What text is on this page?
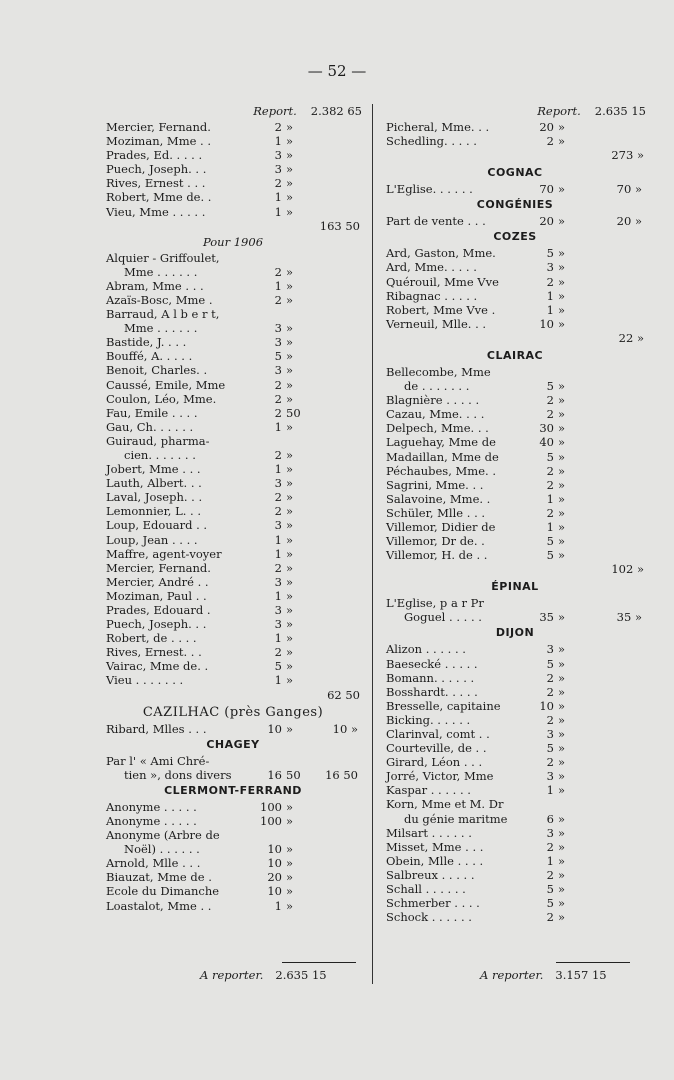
— 52 —
Report. 2.382 65
Mercier, Fernand.	2 »
Moziman, Mme . .	1 »
Prades, Ed. . . . .	3 »
Puech, Joseph. . .	3 »
Rives, Ernest . . .	2 »
Robert, Mme de. .	1 »
Vieu, Mme . . . . .	1 »
163 50
Pour 1906
Alquier - Griffoulet,
Mme . . . . . .	2 »
Abram, Mme . . .	1 »
Azaïs-Bosc, Mme .	2 »
Barraud, A l b e r t,
Mme . . . . . .	3 »
Bastide, J. . . .	3 »
Bouffé, A. . . . .	5 »
Benoit, Charles. .	3 »
Caussé, Emile, Mme	2 »
Coulon, Léo, Mme.	2 »
Fau, Emile . . . .	2 50
Gau, Ch. . . . . .	1 »
Guiraud, pharma-
cien. . . . . . .	2 »
Jobert, Mme . . .	1 »
Lauth, Albert. . .	3 »
Laval, Joseph. . .	2 »
Lemonnier, L. . .	2 »
Loup, Edouard . .	3 »
Loup, Jean . . . .	1 »
Maffre, agent-voyer	1 »
Mercier, Fernand.	2 »
Mercier, André . .	3 »
Moziman, Paul . .	1 »
Prades, Edouard .	3 »
Puech, Joseph. . .	3 »
Robert, de . . . .	1 »
Rives, Ernest. . .	2 »
Vairac, Mme de. .	5 »
Vieu . . . . . . .	1 »
62 50
CAZILHAC (près Ganges)
Ribard, Mlles . . .	10 »	10 »
CHAGEY
Par l' « Ami Chré-
tien », dons divers	16 50 16 50
CLERMONT-FERRAND
Anonyme . . . . .	100 »
Anonyme . . . . .	100 »
Anonyme (Arbre de
Noël) . . . . . .	10 »
Arnold, Mlle . . .	10 »
Biauzat, Mme de .	20 »
Ecole du Dimanche	10 »
Loastalot, Mme . .	1 »
Report. 2.635 15
Picheral, Mme. . .	20 »
Schedling. . . . .	2 »
273 »
COGNAC
L'Eglise. . . . . .	70 »	70 »
CONGÉNIES
Part de vente . . .	20 »	20 »
COZES
Ard, Gaston, Mme.	5 »
Ard, Mme. . . . .	3 »
Quérouil, Mme Vve	2 »
Ribagnac . . . . .	1 »
Robert, Mme Vve .	1 »
Verneuil, Mlle. . .	10 »
22 »
CLAIRAC
Bellecombe, Mme
de . . . . . . .	5 »
Blagnière . . . . .	2 »
Cazau, Mme. . . .	2 »
Delpech, Mme. . .	30 »
Laguehay, Mme de	40 »
Madaillan, Mme de	5 »
Péchaubes, Mme. .	2 »
Sagrini, Mme. . .	2 »
Salavoine, Mme. .	1 »
Schüler, Mlle . . .	2 »
Villemor, Didier de	1 »
Villemor, Dr de. .	5 »
Villemor, H. de . .	5 »
102 »
ÉPINAL
L'Eglise, p a r Pr
Goguel . . . . .	35 »	35 »
DIJON
Alizon . . . . . .	3 »
Baesecké . . . . .	5 »
Bomann. . . . . .	2 »
Bosshardt. . . . .	2 »
Bresselle, capitaine	10 »
Bicking. . . . . .	2 »
Clarinval, comt . .	3 »
Courteville, de . .	5 »
Girard, Léon . . .	2 »
Jorré, Victor, Mme	3 »
Kaspar . . . . . .	1 »
Korn, Mme et M. Dr
du génie maritme	6 »
Milsart . . . . . .	3 »
Misset, Mme . . .	2 »
Obein, Mlle . . . .	1 »
Salbreux . . . . .	2 »
Schall . . . . . .	5 »
Schmerber . . . .	5 »
Schock . . . . . .	2 »
A reporter. 2.635 15	A reporter. 3.157 15
